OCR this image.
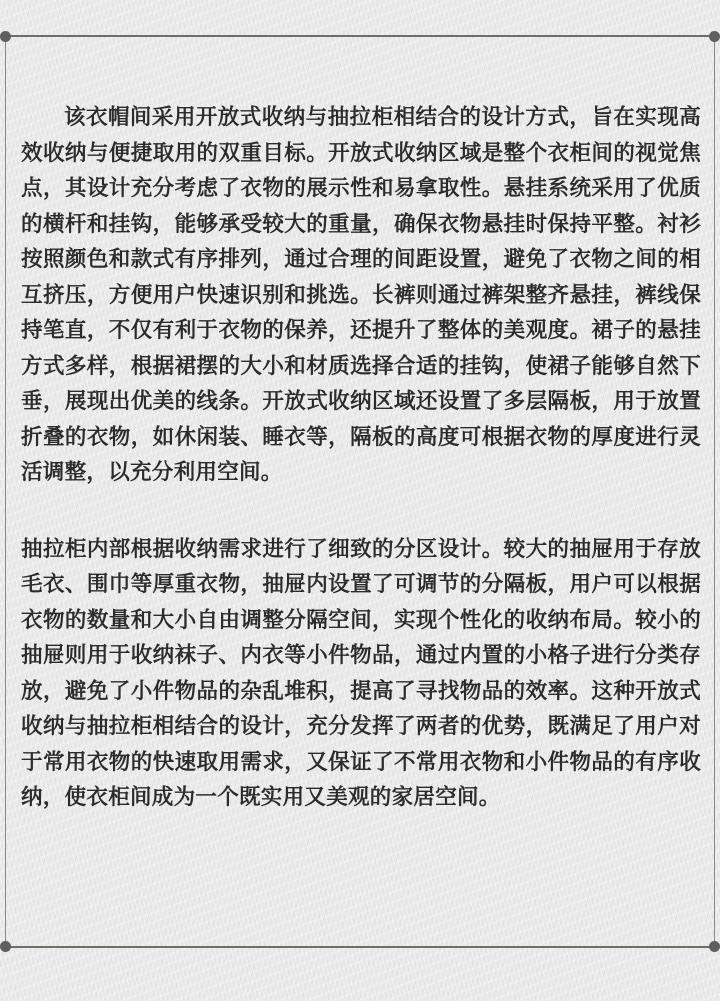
该衣帽间采用开放式收纳与抽拉柜相结合的设计方式，旨在实现高效收纳与便捷取用的双重目标。开放式收纳区域是整个衣柜间的视觉焦点，其设计充分考虑了衣物的展示性和易拿取性。悬挂系统采用了优质的横杆和挂钩，能够承受较大的重量，确保衣物悬挂时保持平整。衬衫按照颜色和款式有序排列，通过合理的间距设置，避免了衣物之间的相互挤压，方便用户快速识别和挑选。长裤则通过裤架整齐悬挂，裤线保持笔直，不仅有利于衣物的保养，还提升了整体的美观度。裙子的悬挂方式多样，根据裙摆的大小和材质选择合适的挂钩，使裙子能够自然下垂，展现出优美的线条。开放式收纳区域还设置了多层隔板，用于放置折叠的衣物，如休闲装、睡衣等，隔板的高度可根据衣物的厚度进行灵活调整，以充分利用空间。

抽拉柜内部根据收纳需求进行了细致的分区设计。较大的抽屉用于存放毛衣、围巾等厚重衣物，抽屉内设置了可调节的分隔板，用户可以根据衣物的数量和大小自由调整分隔空间，实现个性化的收纳布局。较小的抽屉则用于收纳袜子、内衣等小件物品，通过内置的小格子进行分类存放，避免了小件物品的杂乱堆积，提高了寻找物品的效率。这种开放式收纳与抽拉柜相结合的设计，充分发挥了两者的优势，既满足了用户对于常用衣物的快速取用需求，又保证了不常用衣物和小件物品的有序收纳，使衣柜间成为一个既实用又美观的家居空间。
